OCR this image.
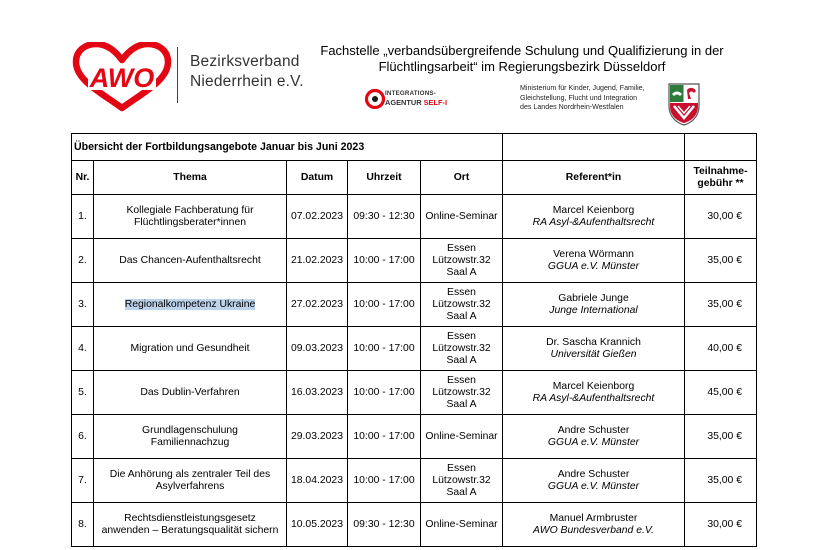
AWO
Bezirksverband
Niederrhein e.V.
Fachstelle „verbandsübergreifende Schulung und Qualifizierung in der
Flüchtlingsarbeit“ im Regierungsbezirk Düsseldorf
INTEGRATIONS-
AGENTUR SELF-I
Ministerium für Kinder, Jugend, Familie,
Gleichstellung, Flucht und Integration
des Landes Nordrhein-Westfalen
Übersicht der Fortbildungsangebote Januar bis Juni 2023						
Nr.	Thema	Datum	Uhrzeit	Ort	Referent*in	Teilnahme-
gebühr **
1.	Kollegiale Fachberatung für
Flüchtlingsberater*innen	07.02.2023	09:30 - 12:30	Online-Seminar	Marcel Keienborg
RA Asyl-&Aufenthaltsrecht	30,00 €
2.	Das Chancen-Aufenthaltsrecht	21.02.2023	10:00 - 17:00	Essen
Lützowstr.32
Saal A	Verena Wörmann
GGUA e.V. Münster	35,00 €
3.	Regionalkompetenz Ukraine	27.02.2023	10:00 - 17:00	Essen
Lützowstr.32
Saal A	Gabriele Junge
Junge International	35,00 €
4.	Migration und Gesundheit	09.03.2023	10:00 - 17:00	Essen
Lützowstr.32
Saal A	Dr. Sascha Krannich
Universität Gießen	40,00 €
5.	Das Dublin-Verfahren	16.03.2023	10:00 - 17:00	Essen
Lützowstr.32
Saal A	Marcel Keienborg
RA Asyl-&Aufenthaltsrecht	45,00 €
6.	Grundlagenschulung
Familiennachzug	29.03.2023	10:00 - 17:00	Online-Seminar	Andre Schuster
GGUA e.V. Münster	35,00 €
7.	Die Anhörung als zentraler Teil des
Asylverfahrens	18.04.2023	10:00 - 17:00	Essen
Lützowstr.32
Saal A	Andre Schuster
GGUA e.V. Münster	35,00 €
8.	Rechtsdienstleistungsgesetz
anwenden – Beratungsqualität sichern	10.05.2023	09:30 - 12:30	Online-Seminar	Manuel Armbruster
AWO Bundesverband e.V.	30,00 €
